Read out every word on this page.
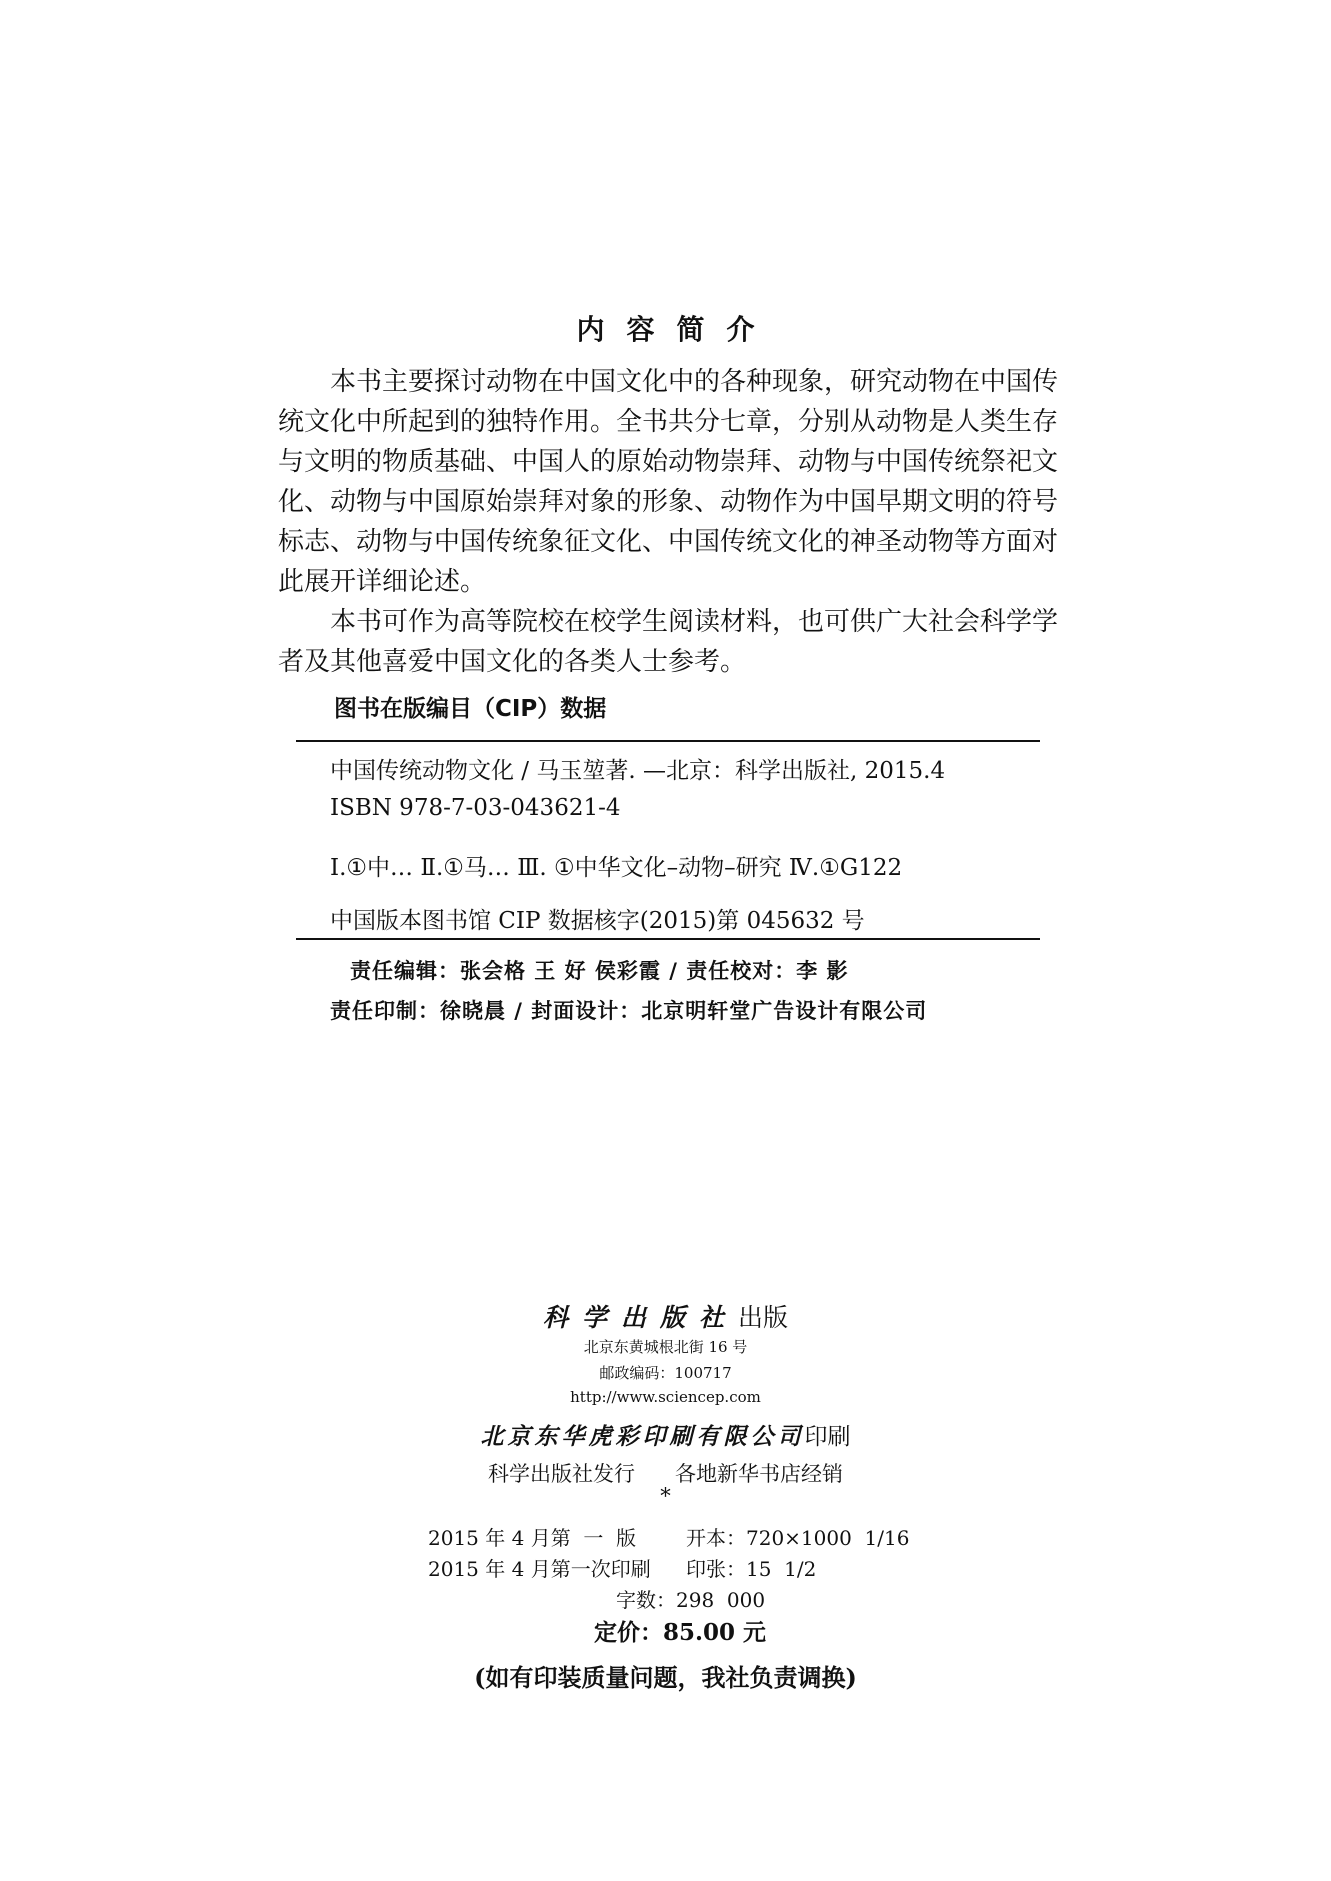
内容简介

本书主要探讨动物在中国文化中的各种现象，研究动物在中国传统文化中所起到的独特作用。全书共分七章，分别从动物是人类生存与文明的物质基础、中国人的原始动物崇拜、动物与中国传统祭祀文化、动物与中国原始崇拜对象的形象、动物作为中国早期文明的符号标志、动物与中国传统象征文化、中国传统文化的神圣动物等方面对此展开详细论述。

本书可作为高等院校在校学生阅读材料，也可供广大社会科学学者及其他喜爱中国文化的各类人士参考。

图书在版编目（CIP）数据
中国传统动物文化 / 马玉堃著. —北京：科学出版社, 2015.4
ISBN 978-7-03-043621-4
Ⅰ.①中… Ⅱ.①马… Ⅲ. ①中华文化–动物–研究 Ⅳ.①G122
中国版本图书馆 CIP 数据核字(2015)第 045632 号
责任编辑：张会格 王 好 侯彩霞 / 责任校对：李 影
责任印制：徐晓晨 / 封面设计：北京明轩堂广告设计有限公司
科学出版社出版
北京东黄城根北街 16 号
邮政编码：100717
http://www.sciencep.com
北京东华虎彩印刷有限公司印刷
科学出版社发行      各地新华书店经销
*
2015 年 4 月第  一  版 开本：720×1000  1/16
2015 年 4 月第一次印刷 印张：15  1/2
字数：298  000
定价：85.00 元
(如有印装质量问题，我社负责调换)
